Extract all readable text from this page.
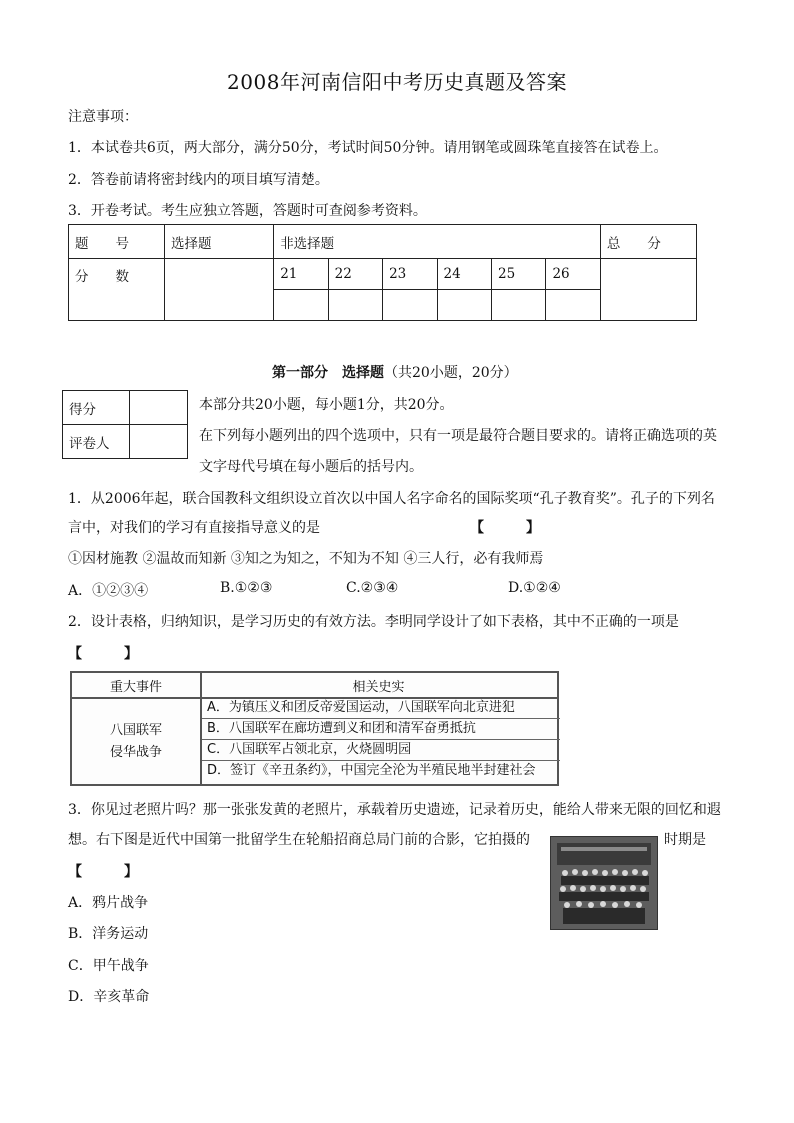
2008年河南信阳中考历史真题及答案
注意事项：
1．本试卷共6页，两大部分，满分50分，考试时间50分钟。请用钢笔或圆珠笔直接答在试卷上。
2．答卷前请将密封线内的项目填写清楚。
3．开卷考试。考生应独立答题，答题时可查阅参考资料。
题　　号	选择题	非选择题						总　　分
分　　数		21	22	23	24	25	26	

第一部分　选择题（共20小题，20分）
得分	
评卷人	
本部分共20小题，每小题1分，共20分。
在下列每小题列出的四个选项中，只有一项是最符合题目要求的。请将正确选项的英
文字母代号填在每小题后的括号内。
1．从2006年起，联合国教科文组织设立首次以中国人名字命名的国际奖项“孔子教育奖”。孔子的下列名
言中，对我们的学习有直接指导意义的是	【　　　】
①因材施教 ②温故而知新 ③知之为知之，不知为不知 ④三人行，必有我师焉
A．①②③④	B.①②③	C.②③④	D.①②④
2．设计表格，归纳知识，是学习历史的有效方法。李明同学设计了如下表格，其中不正确的一项是
【　　　】
重大事件	相关史实
八国联军
侵华战争
A．为镇压义和团反帝爱国运动，八国联军向北京进犯
B．八国联军在廊坊遭到义和团和清军奋勇抵抗
C．八国联军占领北京，火烧圆明园
D．签订《辛丑条约》，中国完全沦为半殖民地半封建社会
3．你见过老照片吗？那一张张发黄的老照片，承载着历史遗迹，记录着历史，能给人带来无限的回忆和遐
想。右下图是近代中国第一批留学生在轮船招商总局门前的合影，它拍摄的	时期是
【　　　】
A．鸦片战争
B．洋务运动
C．甲午战争
D．辛亥革命
